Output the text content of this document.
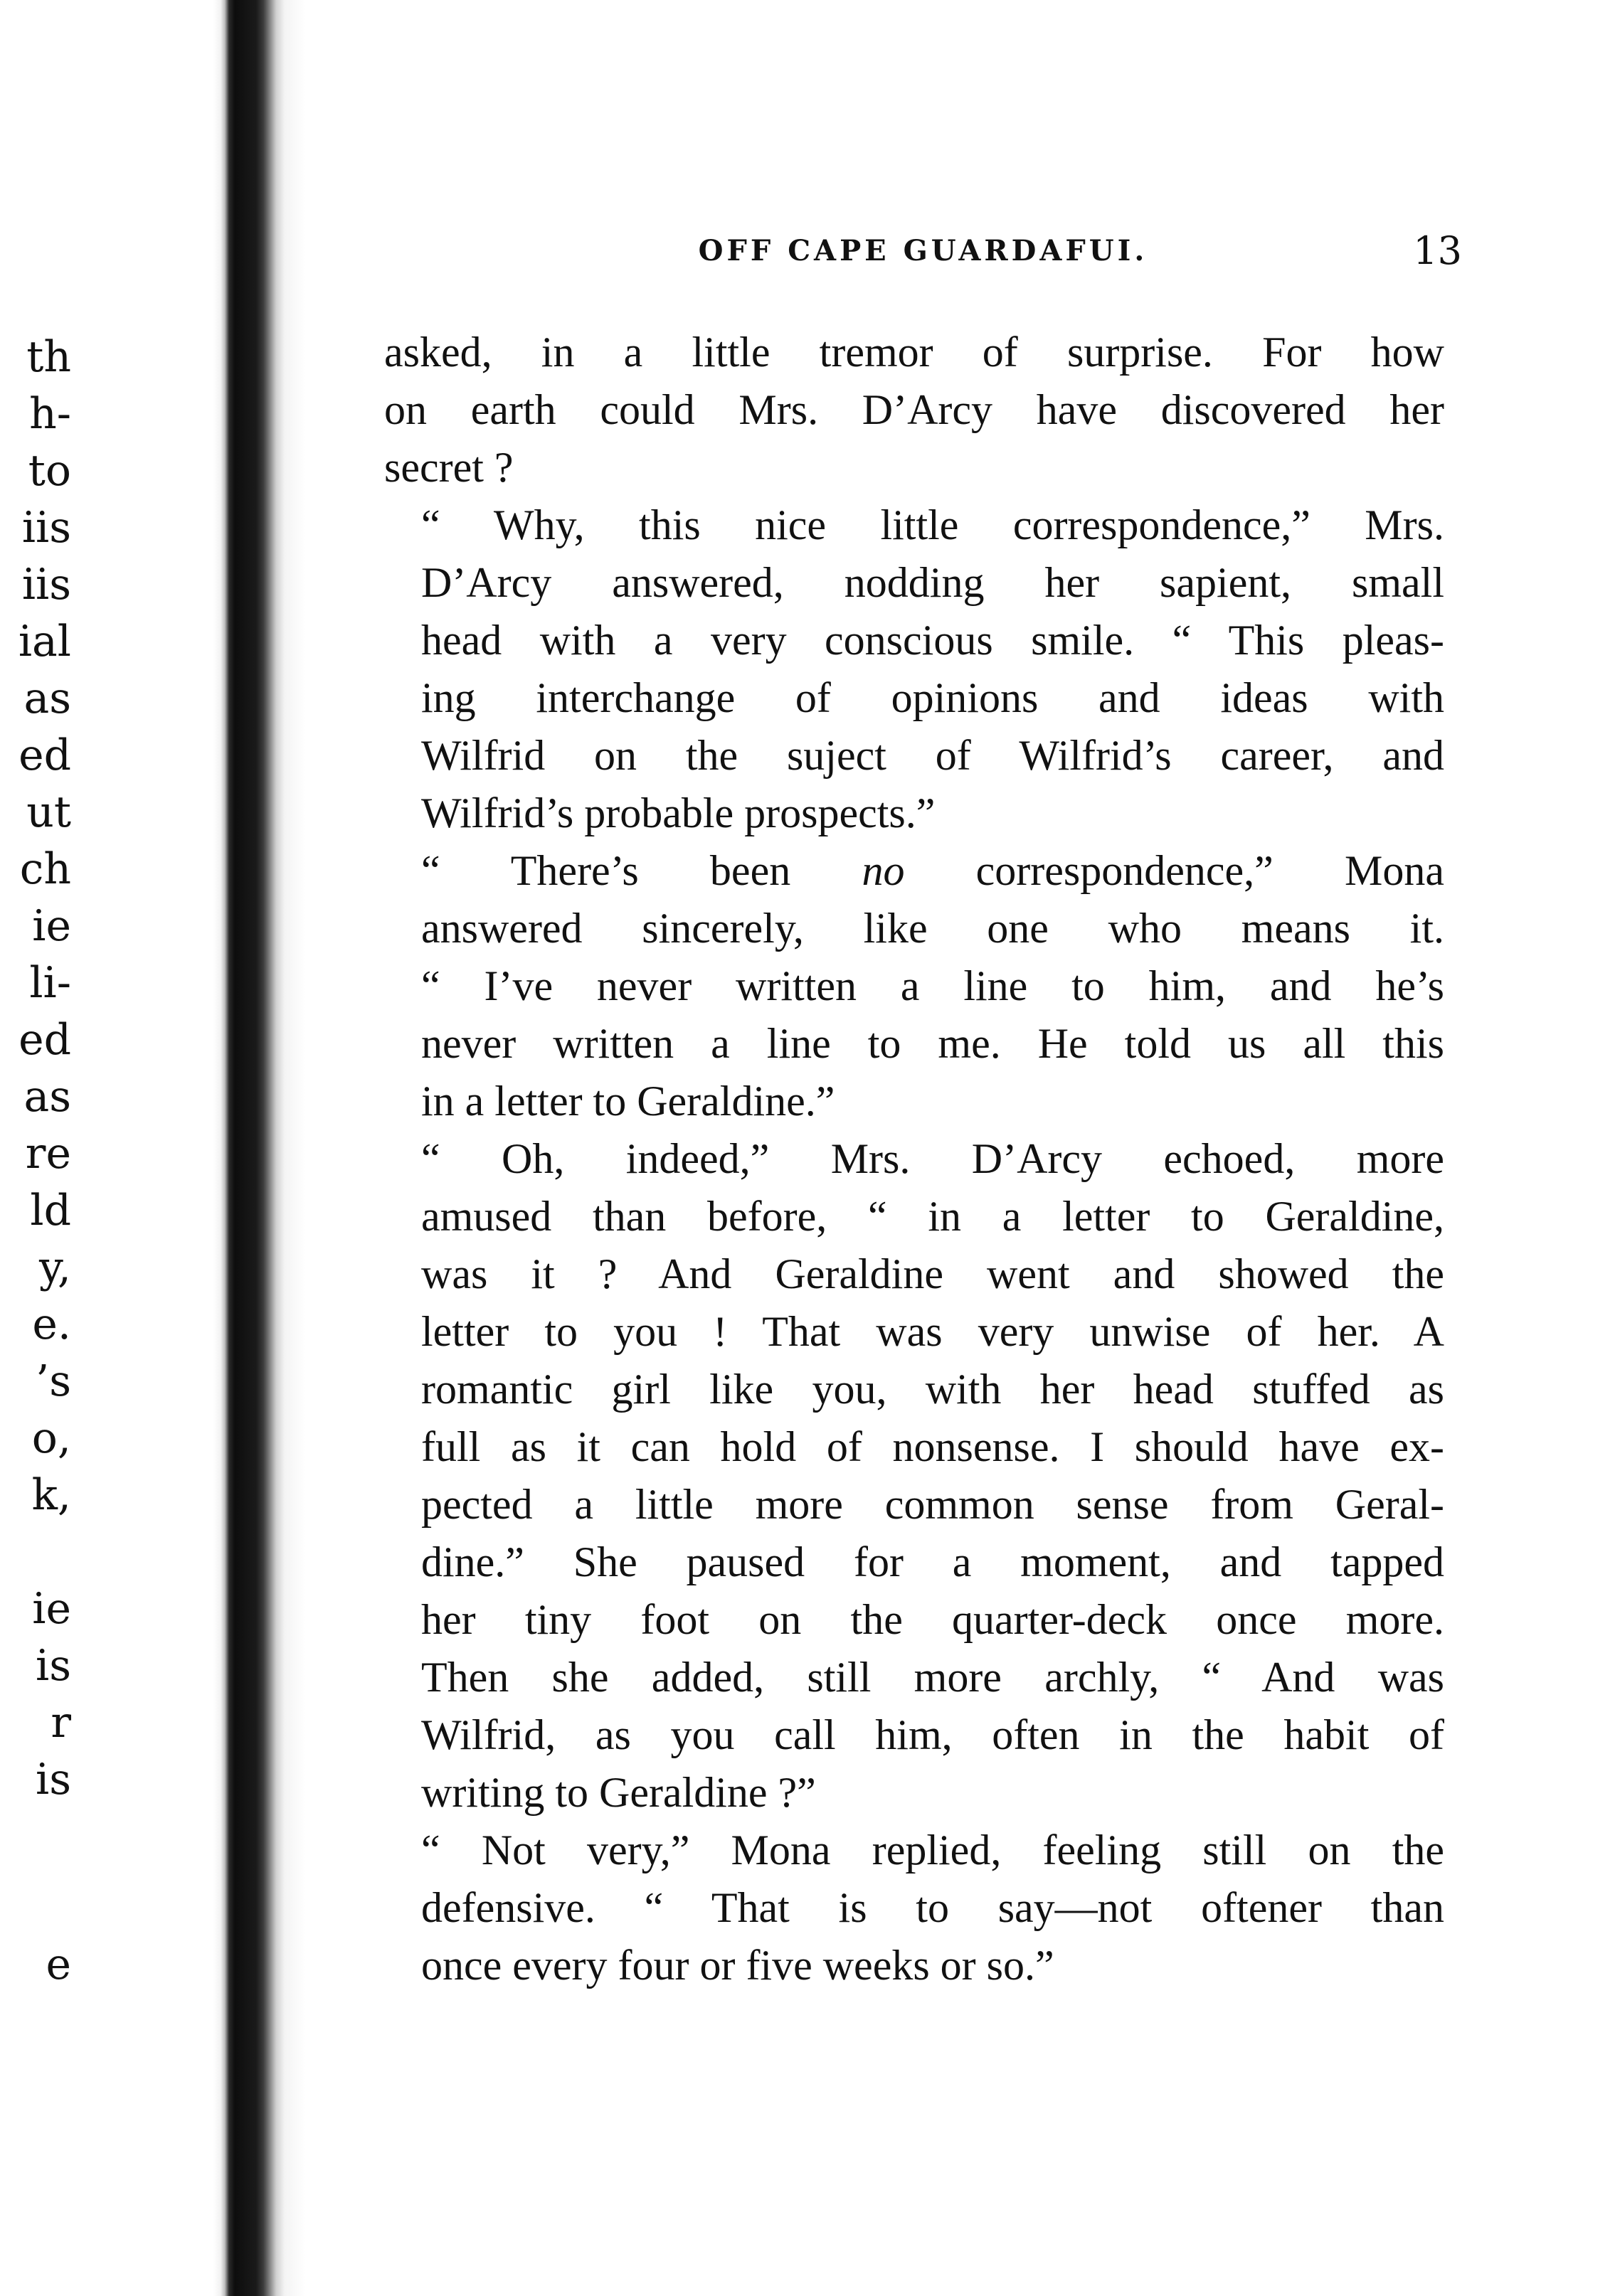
th
h-
to
iis
iis
ial
as
ed
ut
ch
ie
li-
ed
as
re
ld
y,
e.
’s
o,
k,
ie
is
r
is
e
OFF CAPE GUARDAFUI.	13

asked, in a little tremor of surprise. For how
on earth could Mrs. D’Arcy have discovered her
secret ?

“ Why, this nice little correspondence,” Mrs.
D’Arcy answered, nodding her sapient, small
head with a very conscious smile. “ This pleas-
ing interchange of opinions and ideas with
Wilfrid on the suject of Wilfrid’s career, and
Wilfrid’s probable prospects.”

“ There’s been no correspondence,” Mona
answered sincerely, like one who means it.
“ I’ve never written a line to him, and he’s
never written a line to me. He told us all this
in a letter to Geraldine.”

“ Oh, indeed,” Mrs. D’Arcy echoed, more
amused than before, “ in a letter to Geraldine,
was it ? And Geraldine went and showed the
letter to you ! That was very unwise of her. A
romantic girl like you, with her head stuffed as
full as it can hold of nonsense. I should have ex-
pected a little more common sense from Geral-
dine.” She paused for a moment, and tapped
her tiny foot on the quarter-deck once more.
Then she added, still more archly, “ And was
Wilfrid, as you call him, often in the habit of
writing to Geraldine ?”

“ Not very,” Mona replied, feeling still on the
defensive. “ That is to say—not oftener than
once every four or five weeks or so.”
